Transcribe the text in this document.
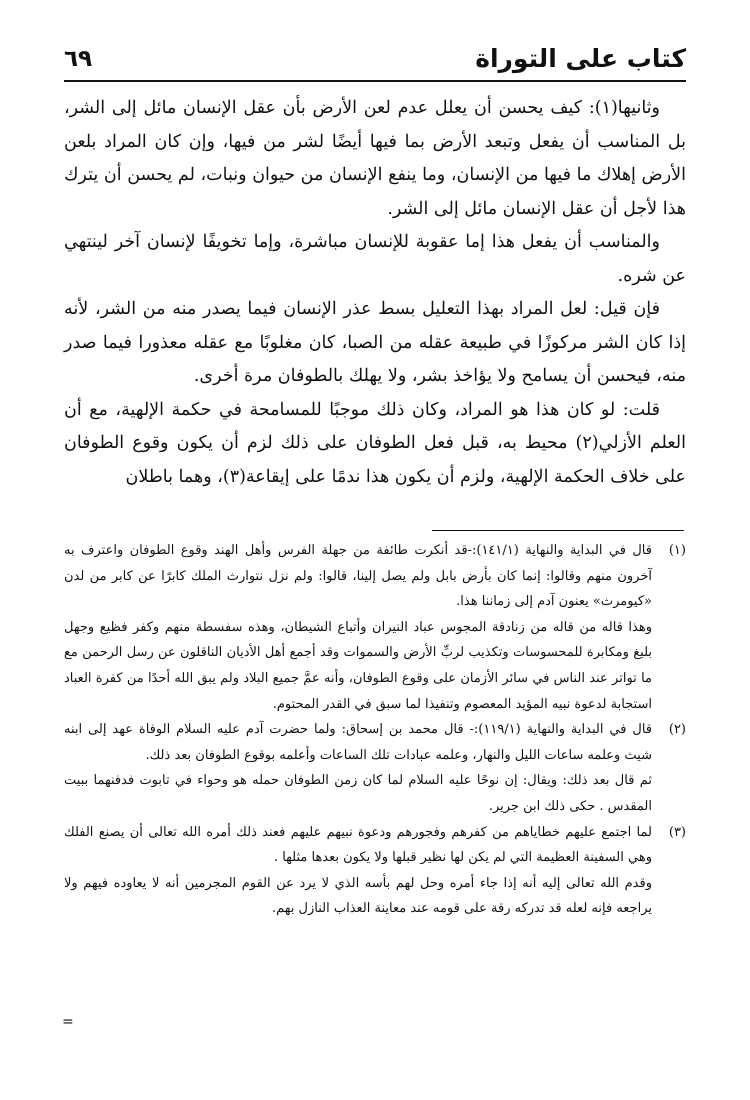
كتاب على التوراة
٦٩

وثانيها(١): كيف يحسن أن يعلل عدم لعن الأرض بأن عقل الإنسان مائل إلى الشر، بل المناسب أن يفعل وتبعد الأرض بما فيها أيضًا لشر من فيها، وإن كان المراد بلعن الأرض إهلاك ما فيها من الإنسان، وما ينفع الإنسان من حيوان ونبات، لم يحسن أن يترك هذا لأجل أن عقل الإنسان مائل إلى الشر.

والمناسب أن يفعل هذا إما عقوبة للإنسان مباشرة، وإما تخويفًا لإنسان آخر لينتهي عن شره.

فإن قيل: لعل المراد بهذا التعليل بسط عذر الإنسان فيما يصدر منه من الشر، لأنه إذا كان الشر مركوزًا في طبيعة عقله من الصبا، كان مغلوبًا مع عقله معذورا فيما صدر منه، فيحسن أن يسامح ولا يؤاخذ بشر، ولا يهلك بالطوفان مرة أخرى.

قلت: لو كان هذا هو المراد، وكان ذلك موجبًا للمسامحة في حكمة الإلهية، مع أن العلم الأزلي(٢) محيط به، قبل فعل الطوفان على ذلك لزم أن يكون وقوع الطوفان على خلاف الحكمة الإلهية، ولزم أن يكون هذا ندمًا على إيقاعة(٣)، وهما باطلان

(١)قال في البداية والنهاية (١٤١/١):-قد أنكرت طائفة من جهلة الفرس وأهل الهند وقوع الطوفان واعترف به آخرون منهم وقالوا: إنما كان بأرض بابل ولم يصل إلينا، قالوا: ولم نزل نتوارث الملك كابرًا عن كابر من لدن «كيومرث» يعنون آدم إلى زماننا هذا.

وهذا قاله من قاله من زنادقة المجوس عباد النيران وأتباع الشيطان، وهذه سفسطة منهم وكفر فظيع وجهل بليغ ومكابرة للمحسوسات وتكذيب لربِّ الأرض والسموات وقد أجمع أهل الأديان الناقلون عن رسل الرحمن مع ما تواتر عند الناس في سائر الأزمان على وقوع الطوفان، وأنه عمَّ جميع البلاد ولم يبق الله أحدًا من كفرة العباد استجابة لدعوة نبيه المؤيد المعصوم وتنفيذا لما سبق في القدر المحتوم.

(٢)قال في البداية والنهاية (١١٩/١):- قال محمد بن إسحاق: ولما حضرت آدم عليه السلام الوفاة عهد إلى ابنه شيث وعلمه ساعات الليل والنهار، وعلمه عبادات تلك الساعات وأعلمه بوقوع الطوفان بعد ذلك.

ثم قال بعد ذلك: ويقال: إن نوحًا عليه السلام لما كان زمن الطوفان حمله هو وحواء في تابوت فدفنهما ببيت المقدس . حكى ذلك ابن جرير.

(٣)لما اجتمع عليهم خطاياهم من كفرهم وفجورهم ودعوة نبيهم عليهم فعند ذلك أمره الله تعالى أن يصنع الفلك وهي السفينة العظيمة التي لم يكن لها نظير قبلها ولا يكون بعدها مثلها .

وقدم الله تعالى إليه أنه إذا جاء أمره وحل لهم بأسه الذي لا يرد عن القوم المجرمين أنه لا يعاوده فيهم ولا يراجعه فإنه لعله قد تدركه رقة على قومه عند معاينة العذاب النازل بهم.

=
